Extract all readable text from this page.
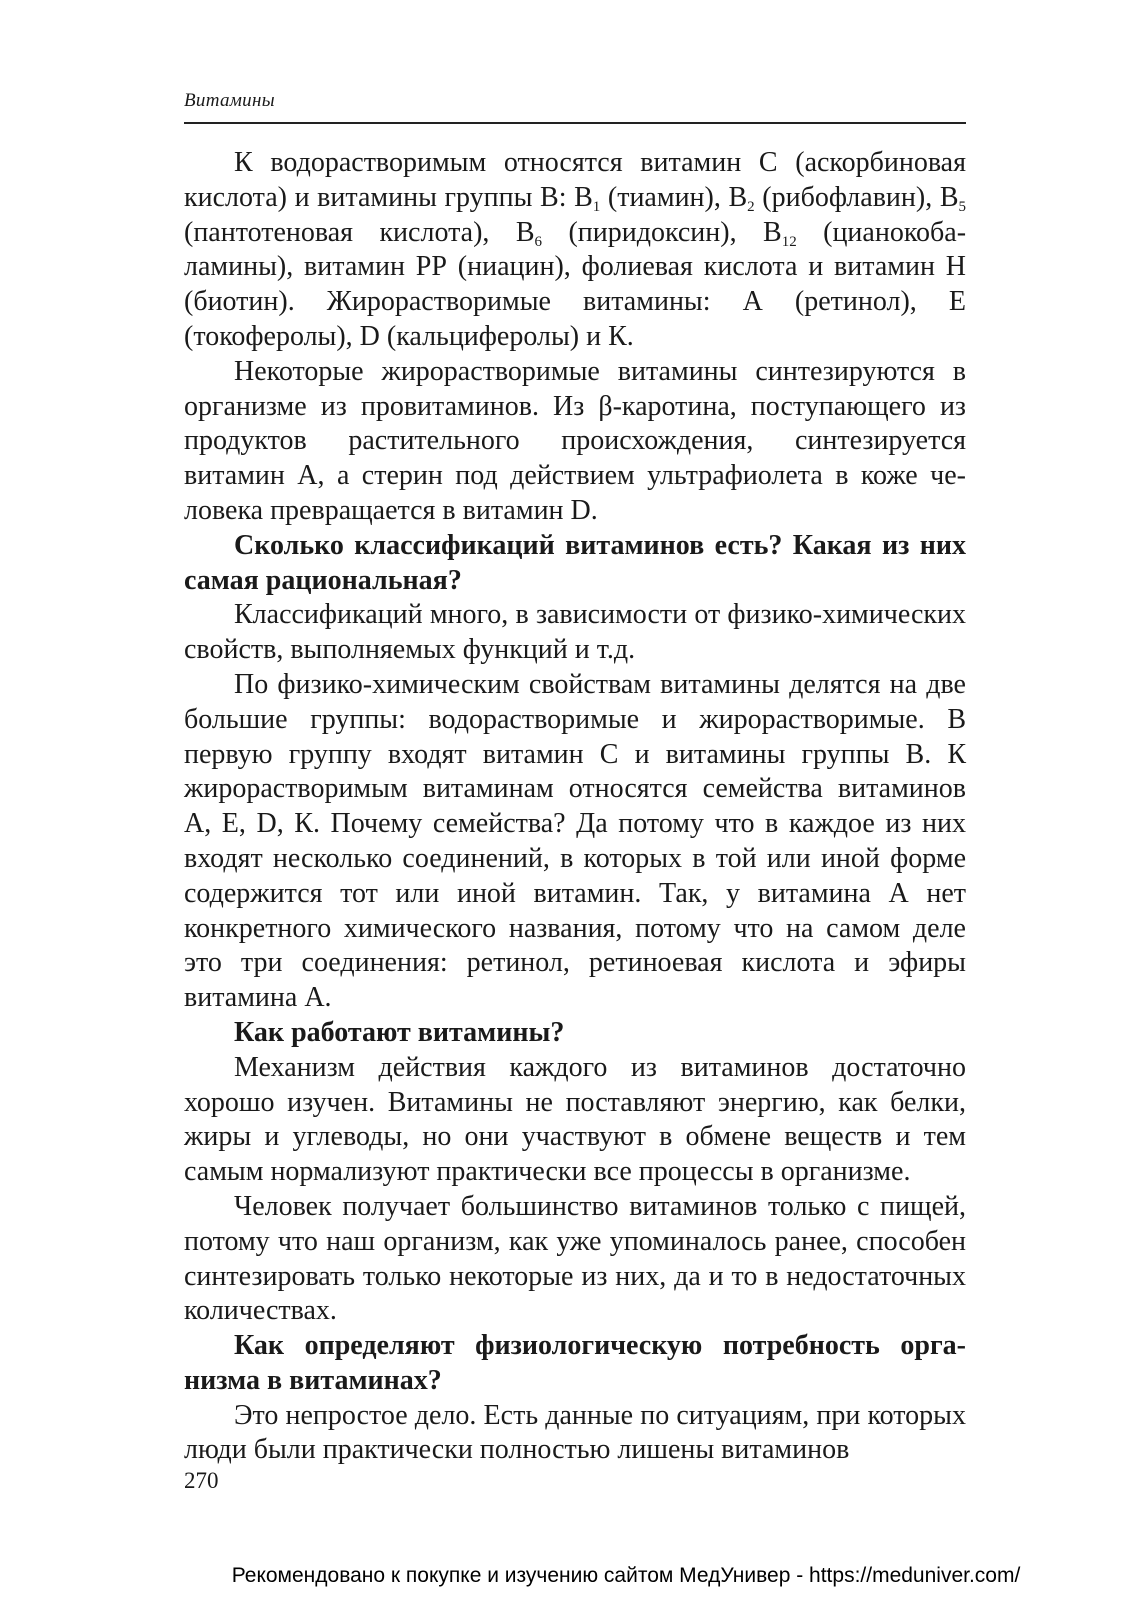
Витамины

К водорастворимым относятся витамин С (аскорбиновая кислота) и витамины группы В: $В_1$ (тиамин), $В_2$ (рибофлавин), $В_5$ (пантотеновая кислота), $В_6$ (пиридоксин), $В_{12}$ (цианокобаламины), витамин РР (ниацин), фолиевая кислота и витамин Н (биотин). Жирорастворимые витамины: А (ретинол), Е (токоферолы), D (кальциферолы) и К.

Некоторые жирорастворимые витамины синтезируются в организме из провитаминов. Из β-каротина, поступающего из продуктов растительного происхождения, синтезируется витамин А, а стерин под действием ультрафиолета в коже человека превращается в витамин D.

Сколько классификаций витаминов есть? Какая из них самая рациональная?

Классификаций много, в зависимости от физико-химических свойств, выполняемых функций и т.д.

По физико-химическим свойствам витамины делятся на две большие группы: водорастворимые и жирорастворимые. В первую группу входят витамин С и витамины группы В. К жирорастворимым витаминам относятся семейства витаминов А, Е, D, К. Почему семейства? Да потому что в каждое из них входят несколько соединений, в которых в той или иной форме содержится тот или иной витамин. Так, у витамина А нет конкретного химического названия, потому что на самом деле это три соединения: ретинол, ретиноевая кислота и эфиры витамина А.

Как работают витамины?

Механизм действия каждого из витаминов достаточно хорошо изучен. Витамины не поставляют энергию, как белки, жиры и углеводы, но они участвуют в обмене веществ и тем самым нормализуют практически все процессы в организме.

Человек получает большинство витаминов только с пищей, потому что наш организм, как уже упоминалось ранее, способен синтезировать только некоторые из них, да и то в недостаточных количествах.

Как определяют физиологическую потребность организма в витаминах?

Это непростое дело. Есть данные по ситуациям, при которых люди были практически полностью лишены витаминов

270
Рекомендовано к покупке и изучению сайтом МедУнивер - https://meduniver.com/
